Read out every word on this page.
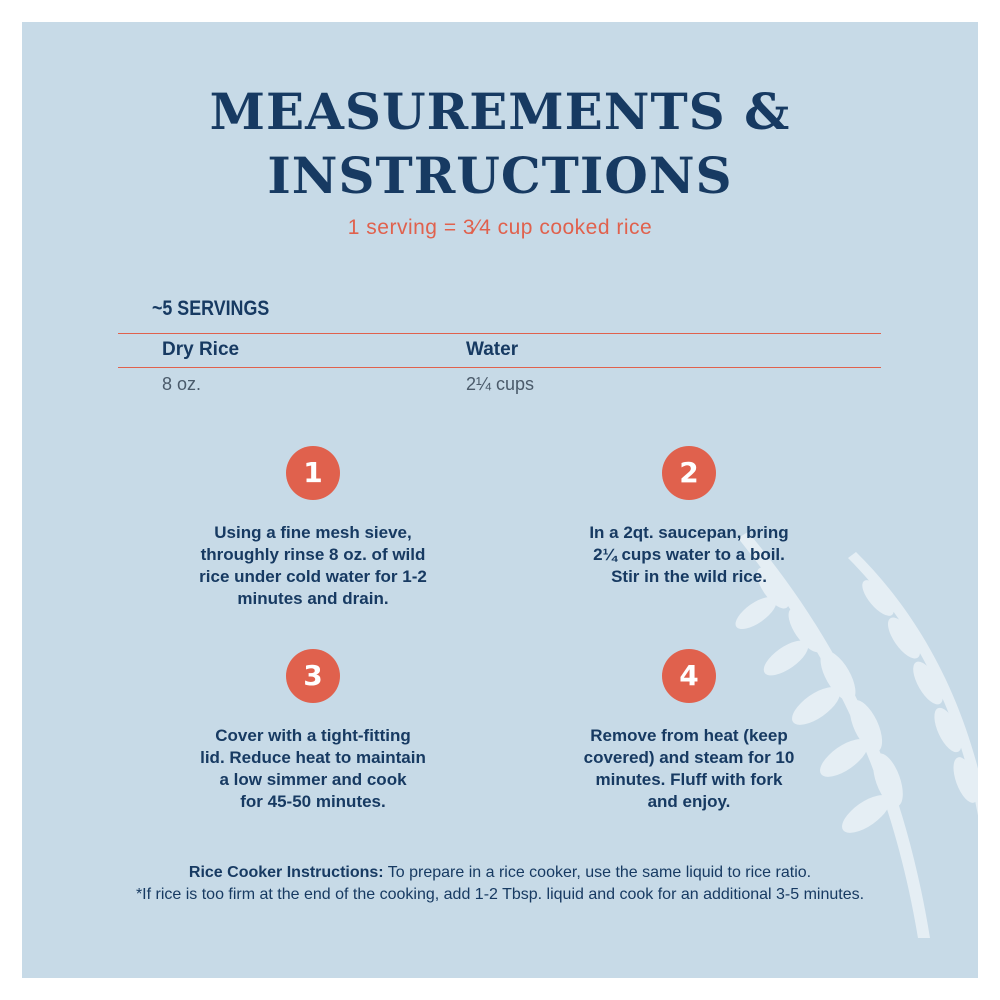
MEASUREMENTS &
INSTRUCTIONS
1 serving = 3⁄4 cup cooked rice
~5 SERVINGS
Dry Rice	Water
8 oz.	2¼ cups
1
Using a fine mesh sieve,
throughly rinse 8 oz. of wild
rice under cold water for 1-2
minutes and drain.
2
In a 2qt. saucepan, bring
2¼ cups water to a boil.
Stir in the wild rice.
3
Cover with a tight-fitting
lid. Reduce heat to maintain
a low simmer and cook
for 45-50 minutes.
4
Remove from heat (keep
covered) and steam for 10
minutes. Fluff with fork
and enjoy.
Rice Cooker Instructions: To prepare in a rice cooker, use the same liquid to rice ratio.
*If rice is too firm at the end of the cooking, add 1-2 Tbsp. liquid and cook for an additional 3-5 minutes.
